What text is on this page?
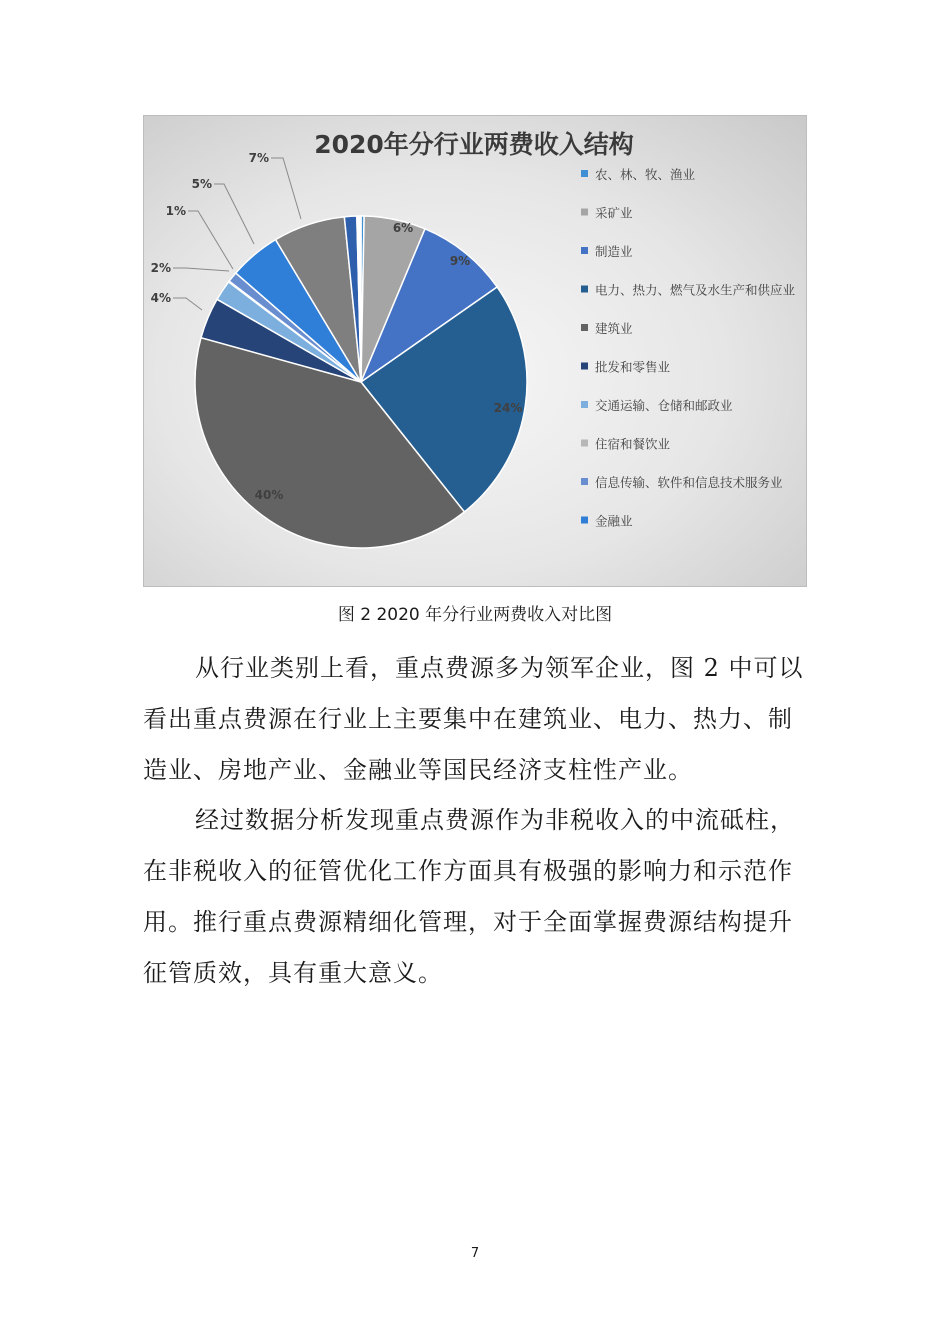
2020年分行业两费收入结构
6%
9%
24%
40%
4%
2%
1%
5%
7%
农、林、牧、渔业
采矿业
制造业
电力、热力、燃气及水生产和供应业
建筑业
批发和零售业
交通运输、仓储和邮政业
住宿和餐饮业
信息传输、软件和信息技术服务业
金融业
图 2 2020 年分行业两费收入对比图

从行业类别上看，重点费源多为领军企业，图 2 中可以看出重点费源在行业上主要集中在建筑业、电力、热力、制造业、房地产业、金融业等国民经济支柱性产业。

经过数据分析发现重点费源作为非税收入的中流砥柱，在非税收入的征管优化工作方面具有极强的影响力和示范作用。推行重点费源精细化管理，对于全面掌握费源结构提升征管质效，具有重大意义。

7
